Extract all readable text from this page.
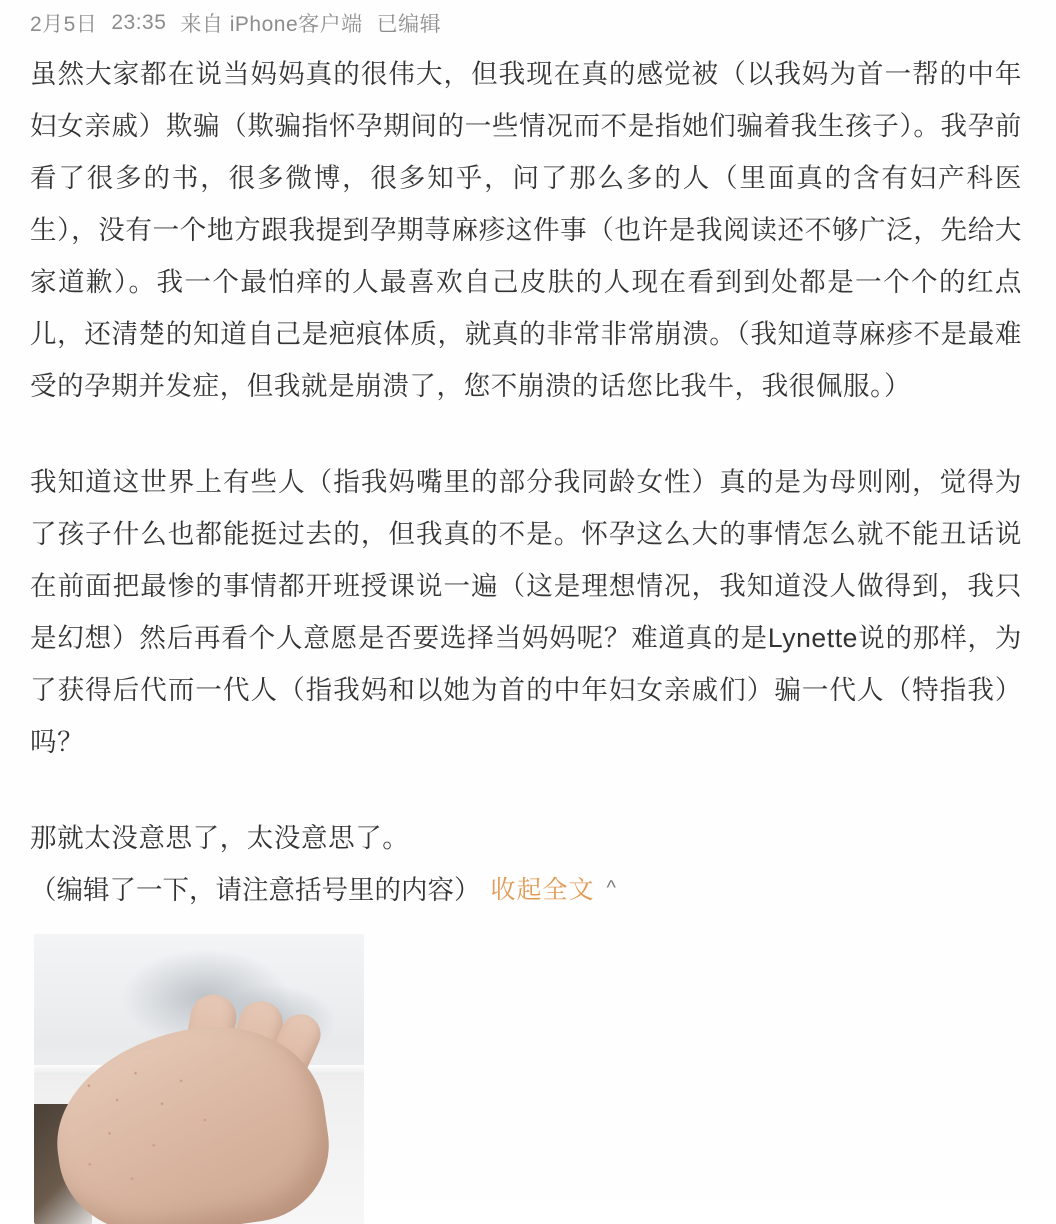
2月5日 23:35 来自 iPhone客户端 已编辑

虽然大家都在说当妈妈真的很伟大，但我现在真的感觉被（以我妈为首一帮的中年妇女亲戚）欺骗（欺骗指怀孕期间的一些情况而不是指她们骗着我生孩子）。我孕前看了很多的书，很多微博，很多知乎，问了那么多的人（里面真的含有妇产科医生），没有一个地方跟我提到孕期荨麻疹这件事（也许是我阅读还不够广泛，先给大家道歉）。我一个最怕痒的人最喜欢自己皮肤的人现在看到到处都是一个个的红点儿，还清楚的知道自己是疤痕体质，就真的非常非常崩溃。（我知道荨麻疹不是最难受的孕期并发症，但我就是崩溃了，您不崩溃的话您比我牛，我很佩服。）

我知道这世界上有些人（指我妈嘴里的部分我同龄女性）真的是为母则刚，觉得为了孩子什么也都能挺过去的，但我真的不是。怀孕这么大的事情怎么就不能丑话说在前面把最惨的事情都开班授课说一遍（这是理想情况，我知道没人做得到，我只是幻想）然后再看个人意愿是否要选择当妈妈呢？难道真的是Lynette说的那样，为了获得后代而一代人（指我妈和以她为首的中年妇女亲戚们）骗一代人（特指我）吗？

那就太没意思了，太没意思了。

（编辑了一下，请注意括号里的内容） 收起全文 ^
